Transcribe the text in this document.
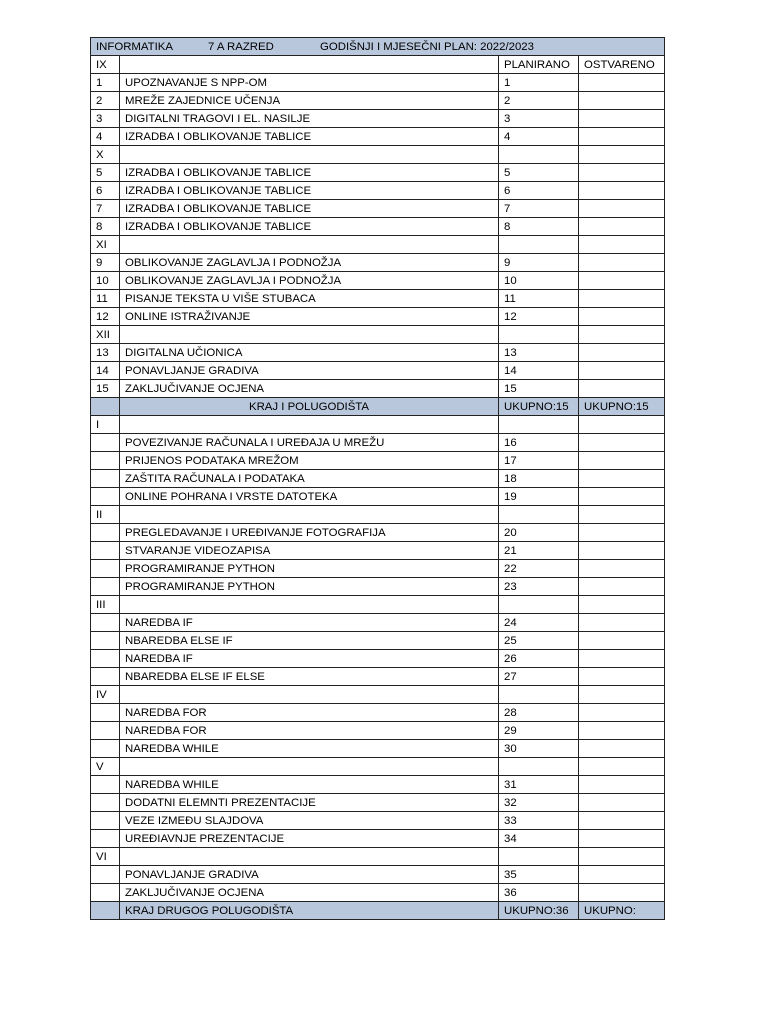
INFORMATIKA 7 A RAZRED GODIŠNJI I MJESEČNI PLAN: 2022/2023			
IX		PLANIRANO	OSTVARENO
1	UPOZNAVANJE S NPP-OM	1	
2	MREŽE ZAJEDNICE UČENJA	2	
3	DIGITALNI TRAGOVI I EL. NASILJE	3	
4	IZRADBA I OBLIKOVANJE TABLICE	4	
X			
5	IZRADBA I OBLIKOVANJE TABLICE	5	
6	IZRADBA I OBLIKOVANJE TABLICE	6	
7	IZRADBA I OBLIKOVANJE TABLICE	7	
8	IZRADBA I OBLIKOVANJE TABLICE	8	
XI			
9	OBLIKOVANJE ZAGLAVLJA I PODNOŽJA	9	
10	OBLIKOVANJE ZAGLAVLJA I PODNOŽJA	10	
11	PISANJE TEKSTA U VIŠE STUBACA	11	
12	ONLINE ISTRAŽIVANJE	12	
XII			
13	DIGITALNA UČIONICA	13	
14	PONAVLJANJE GRADIVA	14	
15	ZAKLJUČIVANJE OCJENA	15	
	KRAJ I POLUGODIŠTA	UKUPNO:15	UKUPNO:15
I			
	POVEZIVANJE RAČUNALA I UREĐAJA U MREŽU	16	
	PRIJENOS PODATAKA MREŽOM	17	
	ZAŠTITA RAČUNALA I PODATAKA	18	
	ONLINE POHRANA I VRSTE DATOTEKA	19	
II			
	PREGLEDAVANJE I UREĐIVANJE FOTOGRAFIJA	20	
	STVARANJE VIDEOZAPISA	21	
	PROGRAMIRANJE PYTHON	22	
	PROGRAMIRANJE PYTHON	23	
III			
	NAREDBA IF	24	
	NBAREDBA ELSE IF	25	
	NAREDBA IF	26	
	NBAREDBA ELSE IF ELSE	27	
IV			
	NAREDBA FOR	28	
	NAREDBA FOR	29	
	NAREDBA WHILE	30	
V			
	NAREDBA WHILE	31	
	DODATNI ELEMNTI PREZENTACIJE	32	
	VEZE IZMEĐU SLAJDOVA	33	
	UREĐIAVNJE PREZENTACIJE	34	
VI			
	PONAVLJANJE GRADIVA	35	
	ZAKLJUČIVANJE OCJENA	36	
	KRAJ DRUGOG POLUGODIŠTA	UKUPNO:36	UKUPNO:
